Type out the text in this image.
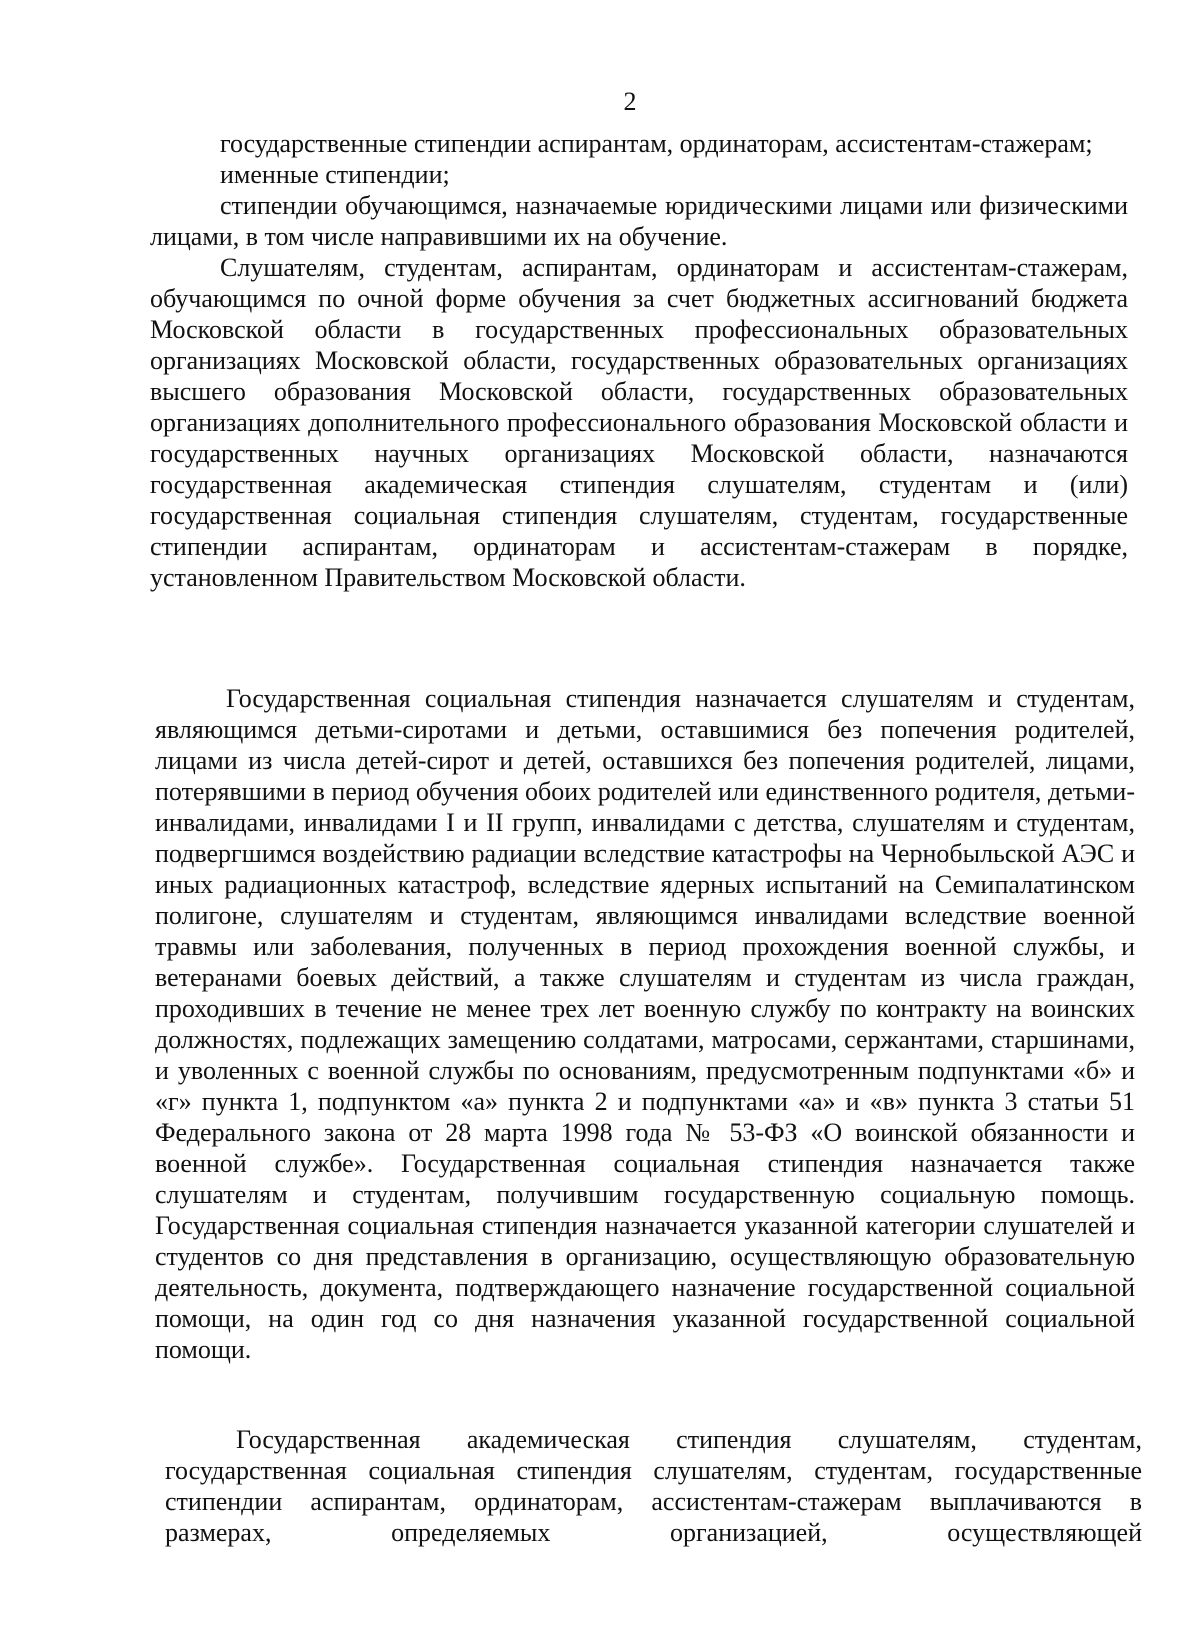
2

государственные стипендии аспирантам, ординаторам, ассистентам-стажерам;

именные стипендии;

стипендии обучающимся, назначаемые юридическими лицами или физическими лицами, в том числе направившими их на обучение.

Слушателям, студентам, аспирантам, ординаторам и ассистентам-стажерам, обучающимся по очной форме обучения за счет бюджетных ассигнований бюджета Московской области в государственных профессиональных образовательных организациях Московской области, государственных образовательных организациях высшего образования Московской области, государственных образовательных организациях дополнительного профессионального образования Московской области и государственных научных организациях Московской области, назначаются государственная академическая стипендия слушателям, студентам и (или) государственная социальная стипендия слушателям, студентам, государственные стипендии аспирантам, ординаторам и ассистентам-стажерам в порядке, установленном Правительством Московской области.

Государственная социальная стипендия назначается слушателям и студентам, являющимся детьми-сиротами и детьми, оставшимися без попечения родителей, лицами из числа детей-сирот и детей, оставшихся без попечения родителей, лицами, потерявшими в период обучения обоих родителей или единственного родителя, детьми-инвалидами, инвалидами I и II групп, инвалидами с детства, слушателям и студентам, подвергшимся воздействию радиации вследствие катастрофы на Чернобыльской АЭС и иных радиационных катастроф, вследствие ядерных испытаний на Семипалатинском полигоне, слушателям и студентам, являющимся инвалидами вследствие военной травмы или заболевания, полученных в период прохождения военной службы, и ветеранами боевых действий, а также слушателям и студентам из числа граждан, проходивших в течение не менее трех лет военную службу по контракту на воинских должностях, подлежащих замещению солдатами, матросами, сержантами, старшинами, и уволенных с военной службы по основаниям, предусмотренным подпунктами «б» и «г» пункта 1, подпунктом «а» пункта 2 и подпунктами «а» и «в» пункта 3 статьи 51 Федерального закона от 28 марта 1998 года № 53-ФЗ «О воинской обязанности и военной службе». Государственная социальная стипендия назначается также слушателям и студентам, получившим государственную социальную помощь. Государственная социальная стипендия назначается указанной категории слушателей и студентов со дня представления в организацию, осуществляющую образовательную деятельность, документа, подтверждающего назначение государственной социальной помощи, на один год со дня назначения указанной государственной социальной помощи.

Государственная академическая стипендия слушателям, студентам, государственная социальная стипендия слушателям, студентам, государственные стипендии аспирантам, ординаторам, ассистентам-стажерам выплачиваются в размерах, определяемых организацией, осуществляющей
